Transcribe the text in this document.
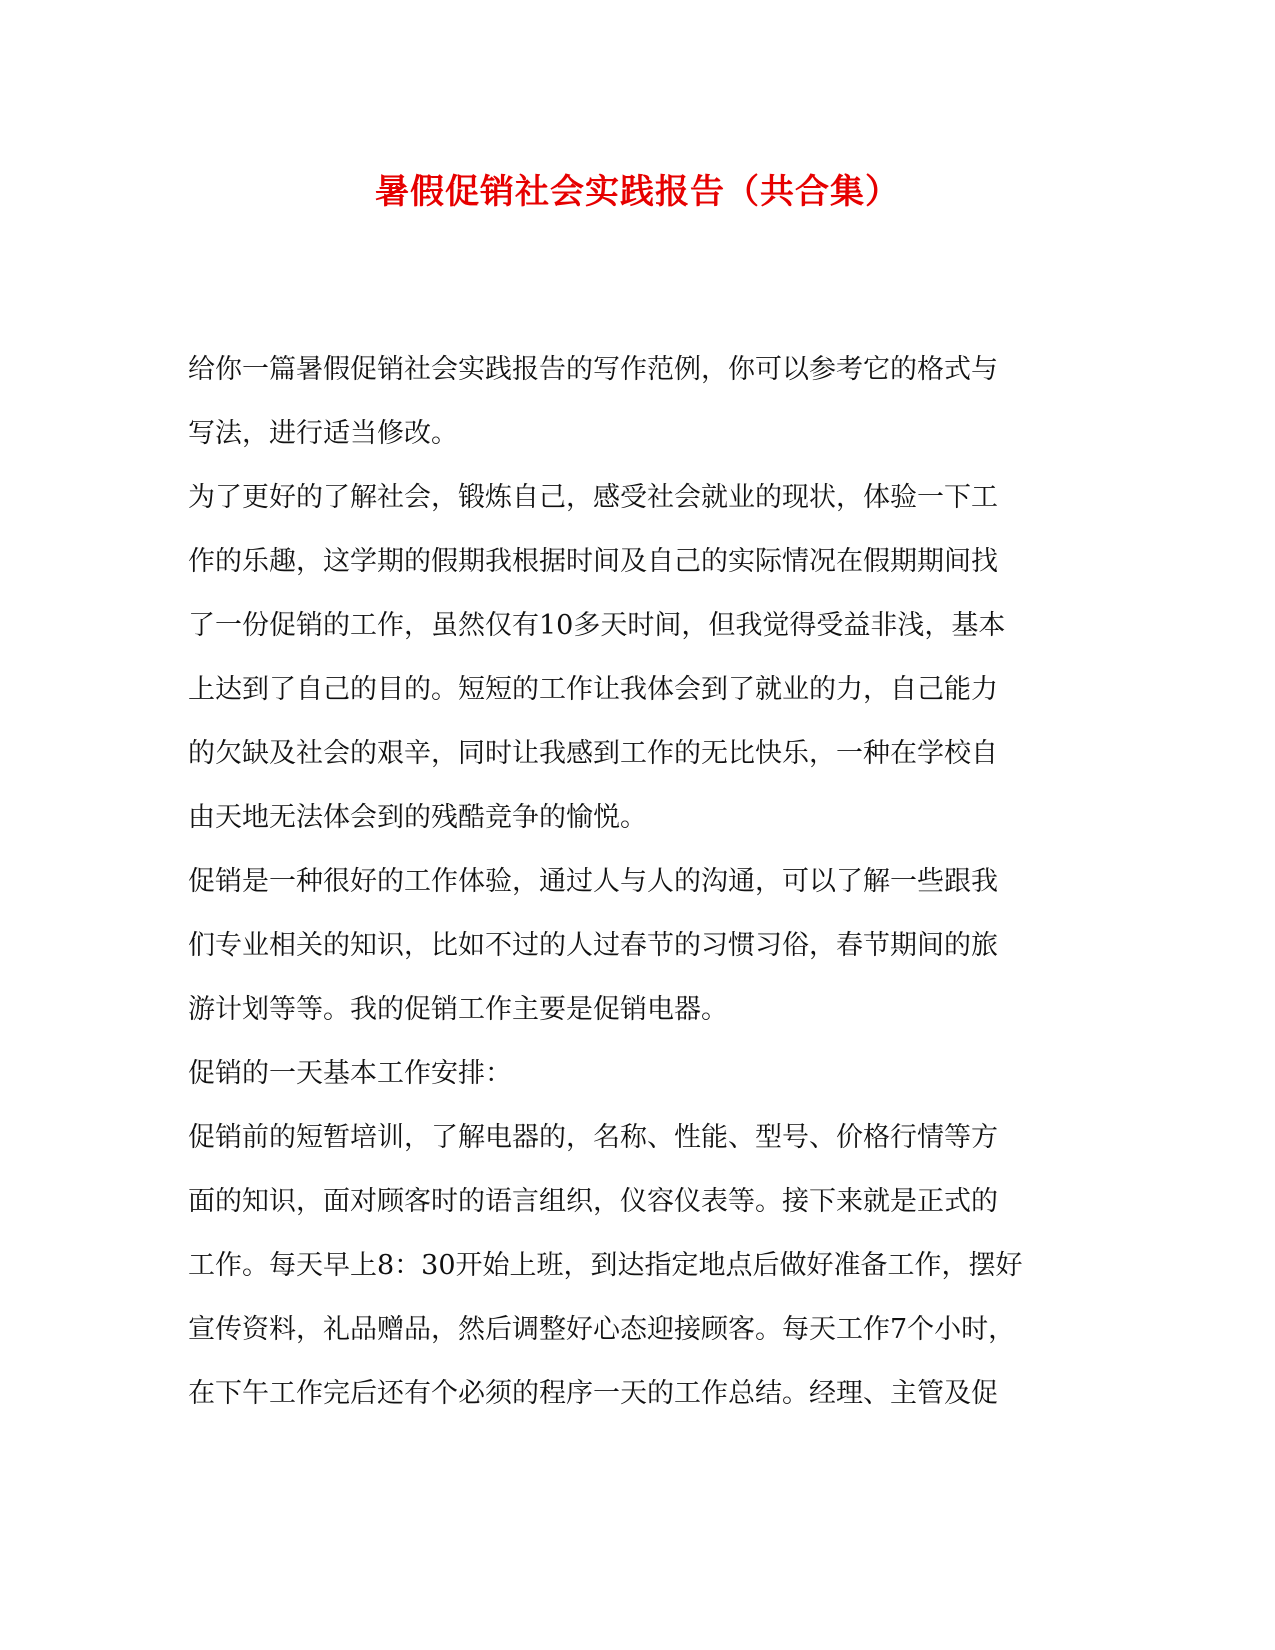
暑假促销社会实践报告（共合集）

给你一篇暑假促销社会实践报告的写作范例，你可以参考它的格式与

写法，进行适当修改。

为了更好的了解社会，锻炼自己，感受社会就业的现状，体验一下工

作的乐趣，这学期的假期我根据时间及自己的实际情况在假期期间找

了一份促销的工作，虽然仅有10多天时间，但我觉得受益非浅，基本

上达到了自己的目的。短短的工作让我体会到了就业的力，自己能力

的欠缺及社会的艰辛，同时让我感到工作的无比快乐，一种在学校自

由天地无法体会到的残酷竞争的愉悦。

促销是一种很好的工作体验，通过人与人的沟通，可以了解一些跟我

们专业相关的知识，比如不过的人过春节的习惯习俗，春节期间的旅

游计划等等。我的促销工作主要是促销电器。

促销的一天基本工作安排：

促销前的短暂培训，了解电器的，名称、性能、型号、价格行情等方

面的知识，面对顾客时的语言组织，仪容仪表等。接下来就是正式的

工作。每天早上8：30开始上班，到达指定地点后做好准备工作，摆好

宣传资料，礼品赠品，然后调整好心态迎接顾客。每天工作7个小时，

在下午工作完后还有个必须的程序一天的工作总结。经理、主管及促
